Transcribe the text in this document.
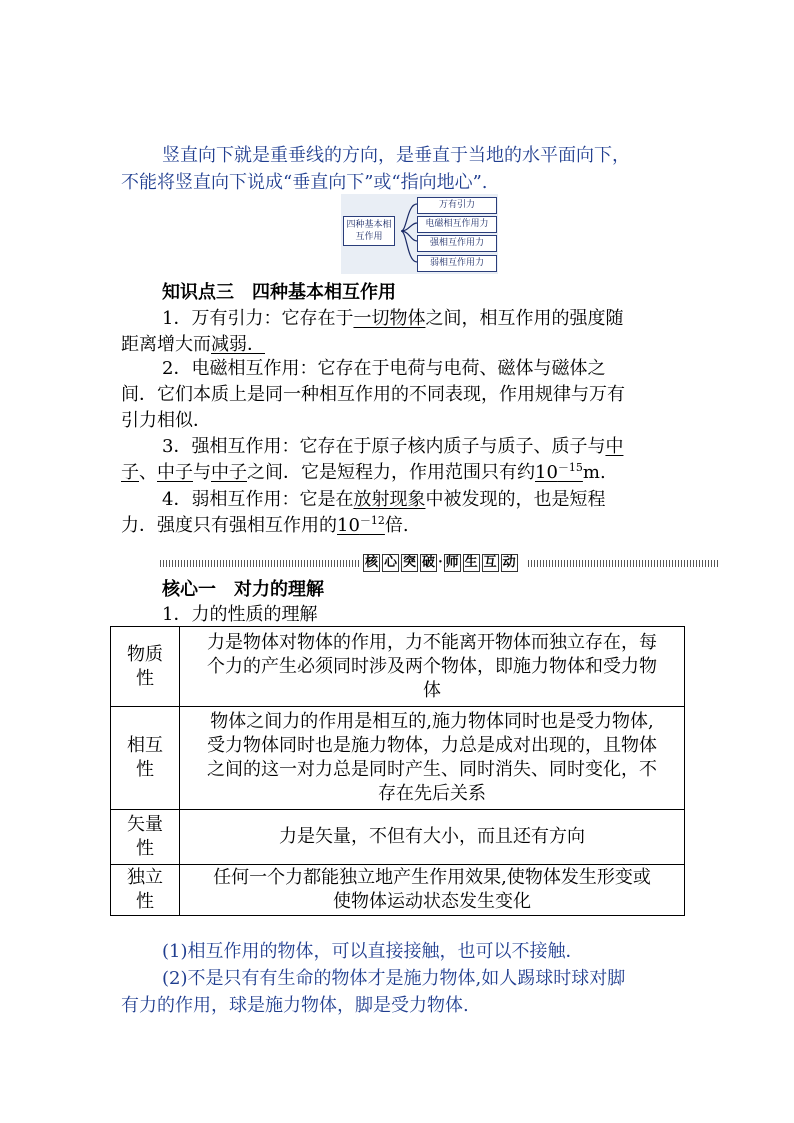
竖直向下就是重垂线的方向，是垂直于当地的水平面向下，
不能将竖直向下说成“垂直向下”或“指向地心”.
四种基本相互作用
万有引力
电磁相互作用力
强相互作用力
弱相互作用力
知识点三　四种基本相互作用
1．万有引力：它存在于一切物体之间，相互作用的强度随
距离增大而减弱．
2．电磁相互作用：它存在于电荷与电荷、磁体与磁体之
间．它们本质上是同一种相互作用的不同表现，作用规律与万有
引力相似．
3．强相互作用：它存在于原子核内质子与质子、质子与中
子、中子与中子之间．它是短程力，作用范围只有约$10^{-15}m$.
4．弱相互作用：它是在放射现象中被发现的，也是短程
力．强度只有强相互作用的$10^{-12}$倍.
核 心 突 破 · 师 生 互 动
核心一　对力的理解
1．力的性质的理解
物质
性	力是物体对物体的作用，力不能离开物体而独立存在，每
个力的产生必须同时涉及两个物体，即施力物体和受力物
体
相互
性	物体之间力的作用是相互的,施力物体同时也是受力物体,
受力物体同时也是施力物体，力总是成对出现的，且物体
之间的这一对力总是同时产生、同时消失、同时变化，不
存在先后关系
矢量
性	力是矢量，不但有大小，而且还有方向
独立
性	任何一个力都能独立地产生作用效果,使物体发生形变或
使物体运动状态发生变化
(1)相互作用的物体，可以直接接触，也可以不接触．
(2)不是只有有生命的物体才是施力物体,如人踢球时球对脚
有力的作用，球是施力物体，脚是受力物体.
